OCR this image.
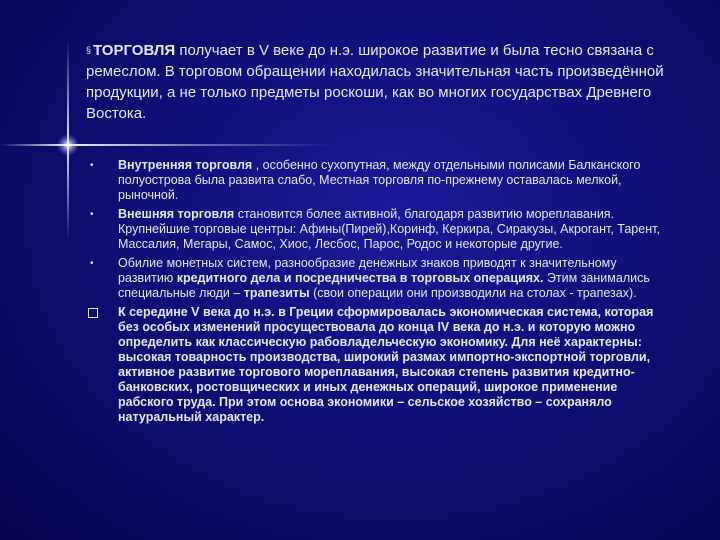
§ ТОРГОВЛЯ получает в V веке до н.э. широкое развитие и была тесно связана с ремеслом. В торговом обращении находилась значительная часть произведённой продукции, а не только предметы роскоши, как во многих государствах Древнего Востока.
• Внутренняя торговля , особенно сухопутная, между отдельными полисами Балканского полуострова была развита слабо, Местная торговля по-прежнему оставалась мелкой, рыночной.
• Внешняя торговля становится более активной, благодаря развитию мореплавания. Крупнейшие торговые центры: Афины(Пирей),Коринф, Керкира, Сиракузы, Акрогант, Тарент, Массалия, Мегары, Самос, Хиос, Лесбос, Парос, Родос и некоторые другие.
• Обилие монетных систем, разнообразие денежных знаков приводят к значительному развитию кредитного дела и посредничества в торговых операциях. Этим занимались специальные люди – трапезиты (свои операции они производили на столах - трапезах).
К середине V века до н.э. в Греции сформировалась экономическая система, которая без особых изменений просуществовала до конца IV века до н.э. и которую можно определить как классическую рабовладельческую экономику. Для неё характерны: высокая товарность производства, широкий размах импортно-экспортной торговли, активное развитие торгового мореплавания, высокая степень развития кредитно-банковских, ростовщических и иных денежных операций, широкое применение рабского труда. При этом основа экономики – сельское хозяйство – сохраняло натуральный характер.
